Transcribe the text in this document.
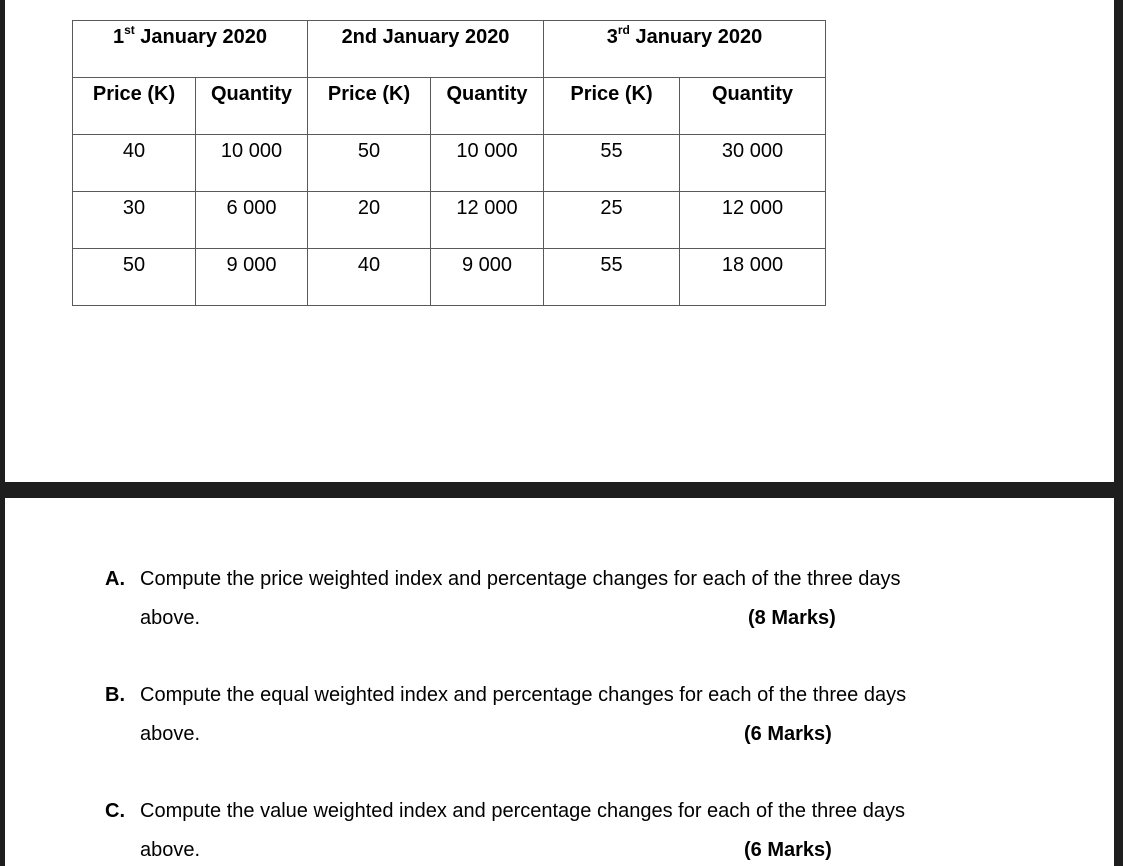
1st January 2020		2nd January 2020		3rd January 2020	
Price (K)	Quantity	Price (K)	Quantity	Price (K)	Quantity
40	10 000	50	10 000	55	30 000
30	6 000	20	12 000	25	12 000
50	9 000	40	9 000	55	18 000
A. Compute the price weighted index and percentage changes for each of the three days
above.	(8 Marks)
B. Compute the equal weighted index and percentage changes for each of the three days
above.	(6 Marks)
C. Compute the value weighted index and percentage changes for each of the three days
above.	(6 Marks)
